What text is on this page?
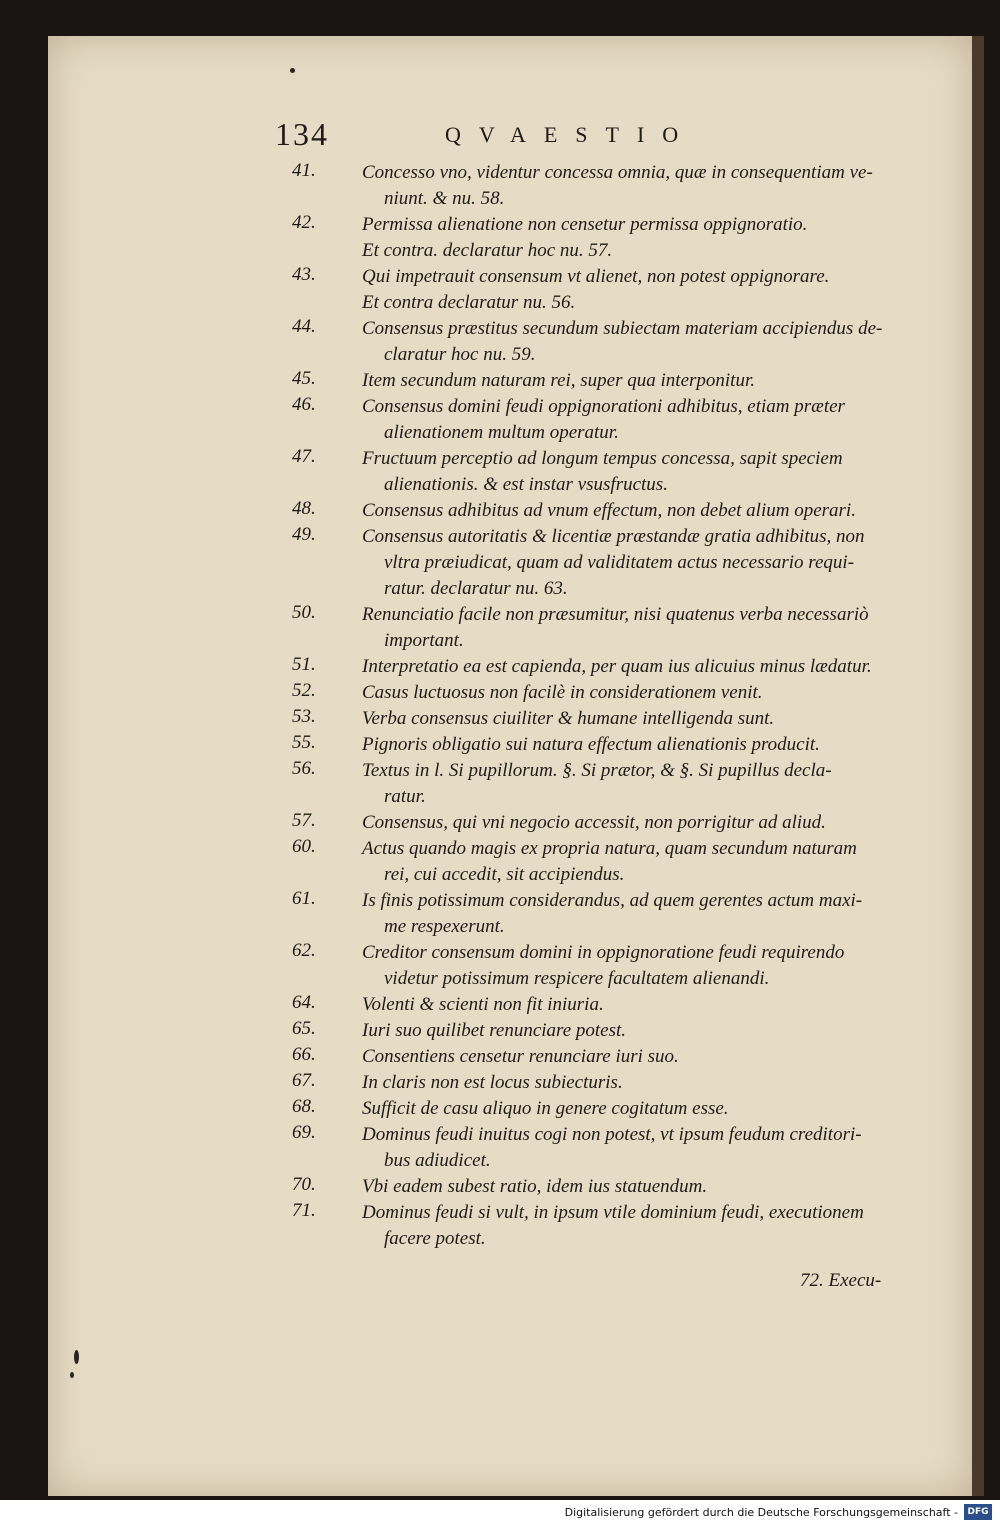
134	QVAESTIO
41.	Concesso vno, videntur concessa omnia, quæ in consequentiam ve-
niunt. & nu. 58.
42.	Permissa alienatione non censetur permissa oppignoratio.
Et contra. declaratur hoc nu. 57.
43.	Qui impetrauit consensum vt alienet, non potest oppignorare.
Et contra declaratur nu. 56.
44.	Consensus præstitus secundum subiectam materiam accipiendus de-
claratur hoc nu. 59.
45.	Item secundum naturam rei, super qua interponitur.
46.	Consensus domini feudi oppignorationi adhibitus, etiam præter
alienationem multum operatur.
47.	Fructuum perceptio ad longum tempus concessa, sapit speciem
alienationis. & est instar vsusfructus.
48.	Consensus adhibitus ad vnum effectum, non debet alium operari.
49.	Consensus autoritatis & licentiæ præstandæ gratia adhibitus, non
vltra præiudicat, quam ad validitatem actus necessario requi-
ratur. declaratur nu. 63.
50.	Renunciatio facile non præsumitur, nisi quatenus verba necessariò
important.
51.	Interpretatio ea est capienda, per quam ius alicuius minus lædatur.
52.	Casus luctuosus non facilè in considerationem venit.
53.	Verba consensus ciuiliter & humane intelligenda sunt.
55.	Pignoris obligatio sui natura effectum alienationis producit.
56.	Textus in l. Si pupillorum. §. Si prætor, & §. Si pupillus decla-
ratur.
57.	Consensus, qui vni negocio accessit, non porrigitur ad aliud.
60.	Actus quando magis ex propria natura, quam secundum naturam
rei, cui accedit, sit accipiendus.
61.	Is finis potissimum considerandus, ad quem gerentes actum maxi-
me respexerunt.
62.	Creditor consensum domini in oppignoratione feudi requirendo
videtur potissimum respicere facultatem alienandi.
64.	Volenti & scienti non fit iniuria.
65.	Iuri suo quilibet renunciare potest.
66.	Consentiens censetur renunciare iuri suo.
67.	In claris non est locus subiecturis.
68.	Sufficit de casu aliquo in genere cogitatum esse.
69.	Dominus feudi inuitus cogi non potest, vt ipsum feudum creditori-
bus adiudicet.
70.	Vbi eadem subest ratio, idem ius statuendum.
71.	Dominus feudi si vult, in ipsum vtile dominium feudi, executionem
facere potest.
72. Execu-
Digitalisierung gefördert durch die Deutsche Forschungsgemeinschaft -	DFG
